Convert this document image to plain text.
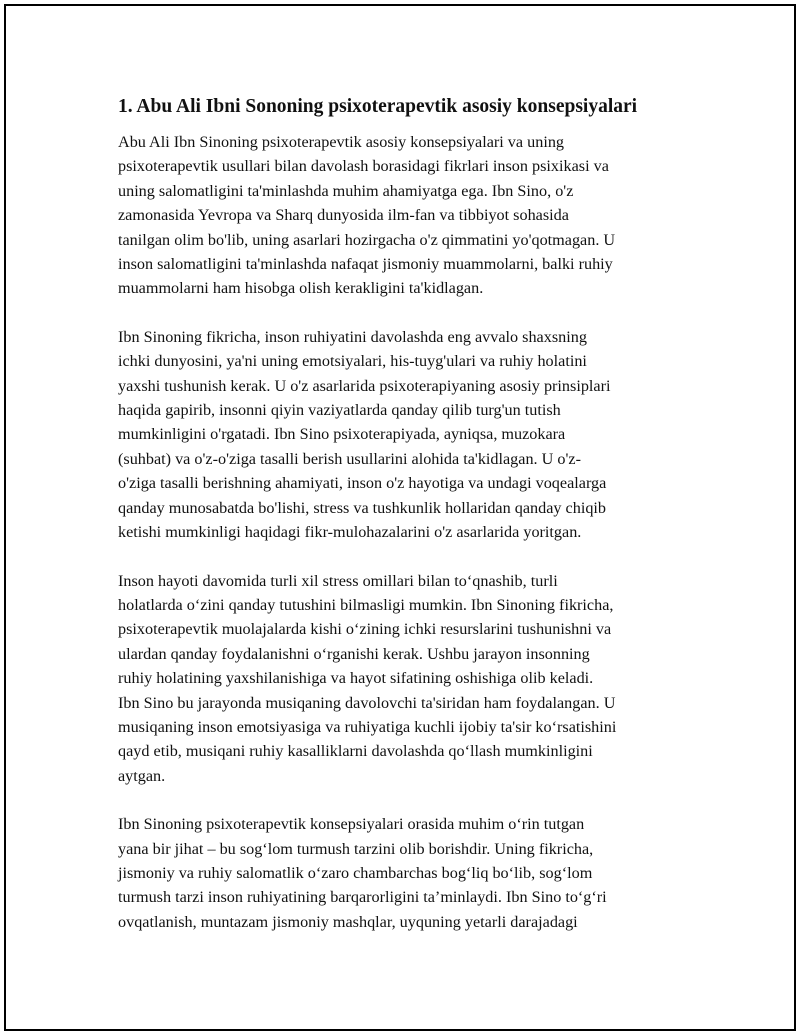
1. Abu Ali Ibni Sononing psixoterapevtik asosiy konsepsiyalari

Abu Ali Ibn Sinoning psixoterapevtik asosiy konsepsiyalari va uning
psixoterapevtik usullari bilan davolash borasidagi fikrlari inson psixikasi va
uning salomatligini ta'minlashda muhim ahamiyatga ega. Ibn Sino, o'z
zamonasida Yevropa va Sharq dunyosida ilm-fan va tibbiyot sohasida
tanilgan olim bo'lib, uning asarlari hozirgacha o'z qimmatini yo'qotmagan. U
inson salomatligini ta'minlashda nafaqat jismoniy muammolarni, balki ruhiy
muammolarni ham hisobga olish kerakligini ta'kidlagan.

Ibn Sinoning fikricha, inson ruhiyatini davolashda eng avvalo shaxsning
ichki dunyosini, ya'ni uning emotsiyalari, his-tuyg'ulari va ruhiy holatini
yaxshi tushunish kerak. U o'z asarlarida psixoterapiyaning asosiy prinsiplari
haqida gapirib, insonni qiyin vaziyatlarda qanday qilib turg'un tutish
mumkinligini o'rgatadi. Ibn Sino psixoterapiyada, ayniqsa, muzokara
(suhbat) va o'z-o'ziga tasalli berish usullarini alohida ta'kidlagan. U o'z-
o'ziga tasalli berishning ahamiyati, inson o'z hayotiga va undagi voqealarga
qanday munosabatda bo'lishi, stress va tushkunlik hollaridan qanday chiqib
ketishi mumkinligi haqidagi fikr-mulohazalarini o'z asarlarida yoritgan.

Inson hayoti davomida turli xil stress omillari bilan to‘qnashib, turli
holatlarda o‘zini qanday tutushini bilmasligi mumkin. Ibn Sinoning fikricha,
psixoterapevtik muolajalarda kishi o‘zining ichki resurslarini tushunishni va
ulardan qanday foydalanishni o‘rganishi kerak. Ushbu jarayon insonning
ruhiy holatining yaxshilanishiga va hayot sifatining oshishiga olib keladi.
Ibn Sino bu jarayonda musiqaning davolovchi ta'siridan ham foydalangan. U
musiqaning inson emotsiyasiga va ruhiyatiga kuchli ijobiy ta'sir ko‘rsatishini
qayd etib, musiqani ruhiy kasalliklarni davolashda qo‘llash mumkinligini
aytgan.

Ibn Sinoning psixoterapevtik konsepsiyalari orasida muhim o‘rin tutgan
yana bir jihat – bu sog‘lom turmush tarzini olib borishdir. Uning fikricha,
jismoniy va ruhiy salomatlik o‘zaro chambarchas bog‘liq bo‘lib, sog‘lom
turmush tarzi inson ruhiyatining barqarorligini ta’minlaydi. Ibn Sino to‘g‘ri
ovqatlanish, muntazam jismoniy mashqlar, uyquning yetarli darajadagi
